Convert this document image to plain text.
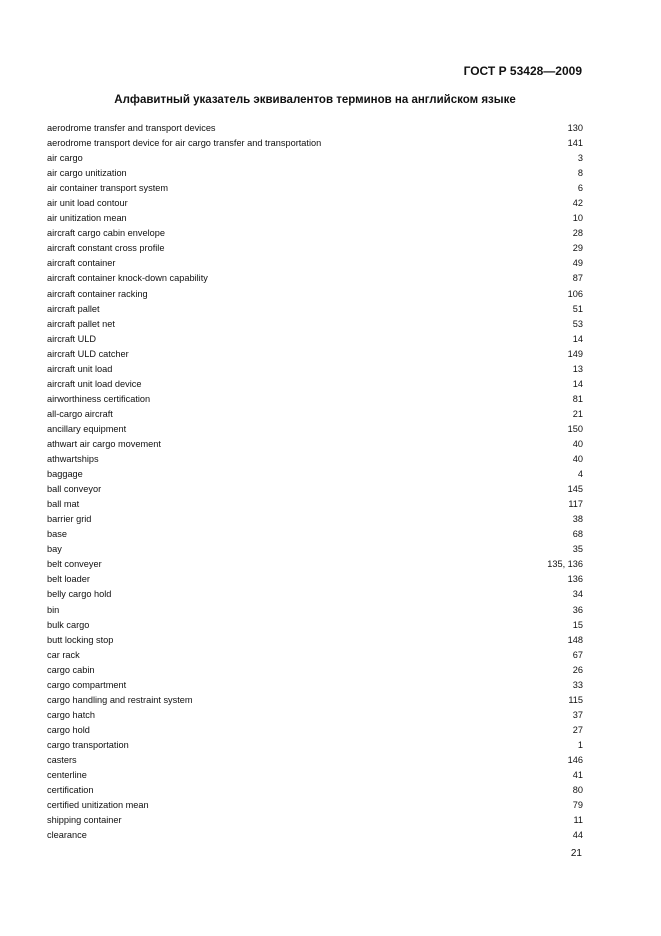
ГОСТ Р 53428—2009

Алфавитный указатель эквивалентов терминов на английском языке
aerodrome transfer and transport devices	130
aerodrome transport device for air cargo transfer and transportation	141
air cargo	3
air cargo unitization	8
air container transport system	6
air unit load contour	42
air unitization mean	10
aircraft cargo cabin envelope	28
aircraft constant cross profile	29
aircraft container	49
aircraft container knock-down capability	87
aircraft container racking	106
aircraft pallet	51
aircraft pallet net	53
aircraft ULD	14
aircraft ULD catcher	149
aircraft unit load	13
aircraft unit load device	14
airworthiness certification	81
all-cargo aircraft	21
ancillary equipment	150
athwart air cargo movement	40
athwartships	40
baggage	4
ball conveyor	145
ball mat	117
barrier grid	38
base	68
bay	35
belt conveyer	135, 136
belt loader	136
belly cargo hold	34
bin	36
bulk cargo	15
butt locking stop	148
car rack	67
cargo cabin	26
cargo compartment	33
cargo handling and restraint system	115
cargo hatch	37
cargo hold	27
cargo transportation	1
casters	146
centerline	41
certification	80
certified unitization mean	79
shipping container	11
clearance	44

21
